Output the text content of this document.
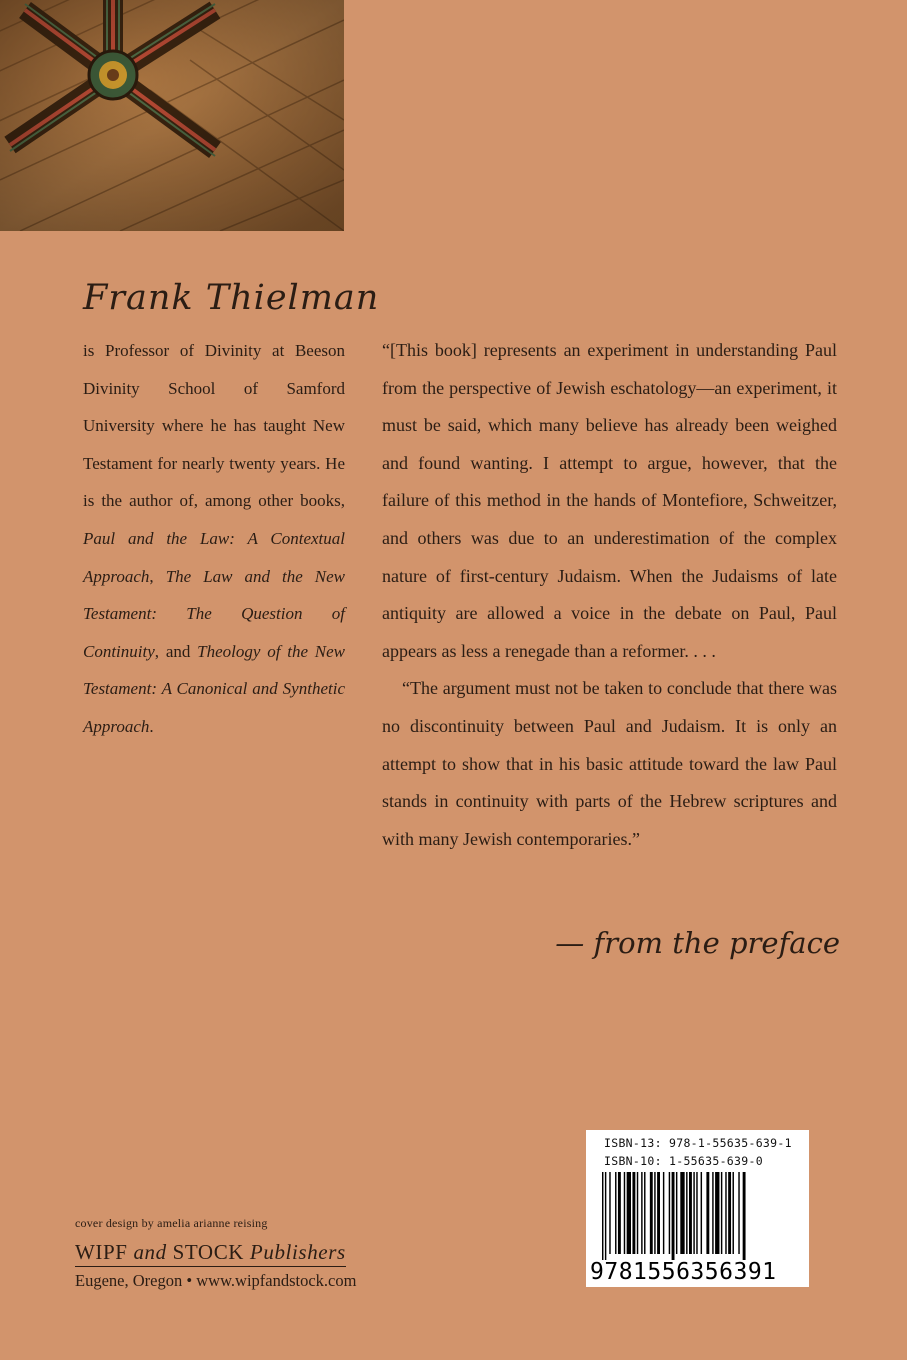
Frank Thielman

is Professor of Divinity at Beeson Divinity School of Samford University where he has taught New Testament for nearly twenty years. He is the author of, among other books, Paul and the Law: A Contextual Approach, The Law and the New Testament: The Question of Continuity, and Theology of the New Testament: A Canonical and Synthetic Approach.

“[This book] represents an experiment in understanding Paul from the perspective of Jewish eschatology—an experiment, it must be said, which many believe has already been weighed and found wanting. I attempt to argue, however, that the failure of this method in the hands of Montefiore, Schweitzer, and others was due to an underestimation of the complex nature of first-century Judaism. When the Judaisms of late antiquity are allowed a voice in the debate on Paul, Paul appears as less a renegade than a reformer. . . .

“The argument must not be taken to conclude that there was no discontinuity between Paul and Judaism. It is only an attempt to show that in his basic attitude toward the law Paul stands in continuity with parts of the Hebrew scriptures and with many Jewish contemporaries.”

— from the preface
cover design by amelia arianne reising
WIPF and STOCK Publishers
Eugene, Oregon • www.wipfandstock.com
ISBN-13: 978-1-55635-639-1
ISBN-10: 1-55635-639-0
9781556356391
